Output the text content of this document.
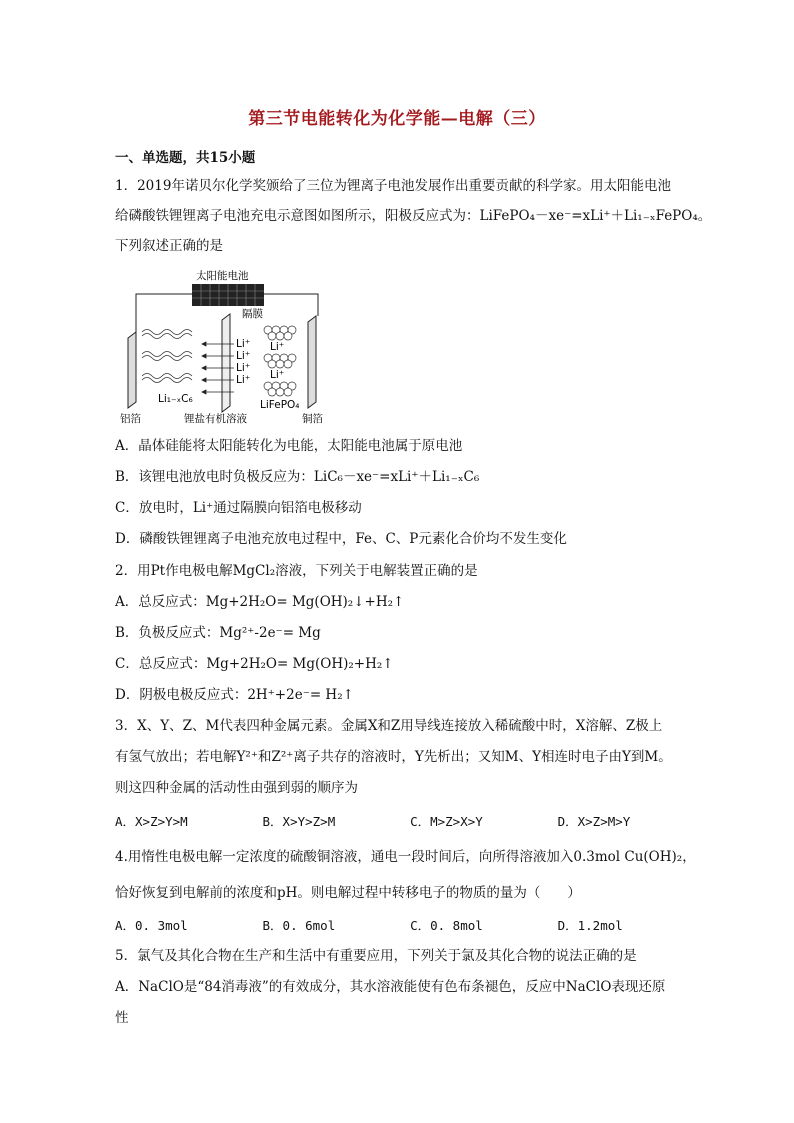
第三节电能转化为化学能—电解（三）
一、单选题，共15小题
1．2019年诺贝尔化学奖颁给了三位为锂离子电池发展作出重要贡献的科学家。用太阳能电池
给磷酸铁锂锂离子电池充电示意图如图所示，阳极反应式为：LiFePO₄－xe⁻=xLi⁺＋Li₁₋ₓFePO₄。
下列叙述正确的是
太阳能电池
隔膜
Li⁺
Li⁺
Li⁺
Li⁺
Li⁺
Li⁺
Li₁₋ₓC₆	LiFePO₄
铝箔	锂盐有机溶液	铜箔
A．晶体硅能将太阳能转化为电能，太阳能电池属于原电池
B．该锂电池放电时负极反应为：LiC₆－xe⁻=xLi⁺＋Li₁₋ₓC₆
C．放电时，Li⁺通过隔膜向铝箔电极移动
D．磷酸铁锂锂离子电池充放电过程中，Fe、C、P元素化合价均不发生变化
2．用Pt作电极电解MgCl₂溶液，下列关于电解装置正确的是
A．总反应式：Mg+2H₂O= Mg(OH)₂↓+H₂↑
B．负极反应式：Mg²⁺-2e⁻= Mg
C．总反应式：Mg+2H₂O= Mg(OH)₂+H₂↑
D．阴极电极反应式：2H⁺+2e⁻= H₂↑
3．X、Y、Z、M代表四种金属元素。金属X和Z用导线连接放入稀硫酸中时，X溶解、Z极上
有氢气放出；若电解Y²⁺和Z²⁺离子共存的溶液时，Y先析出；又知M、Y相连时电子由Y到M。
则这四种金属的活动性由强到弱的顺序为
A．X>Z>Y>M	B．X>Y>Z>M	C．M>Z>X>Y	D．X>Z>M>Y
4.用惰性电极电解一定浓度的硫酸铜溶液，通电一段时间后，向所得溶液加入0.3mol Cu(OH)₂，
恰好恢复到电解前的浓度和pH。则电解过程中转移电子的物质的量为（　　）
A．0. 3mol	B．0. 6mol	C．0. 8mol	D．1.2mol
5．氯气及其化合物在生产和生活中有重要应用，下列关于氯及其化合物的说法正确的是
A．NaClO是“84消毒液”的有效成分，其水溶液能使有色布条褪色，反应中NaClO表现还原
性
